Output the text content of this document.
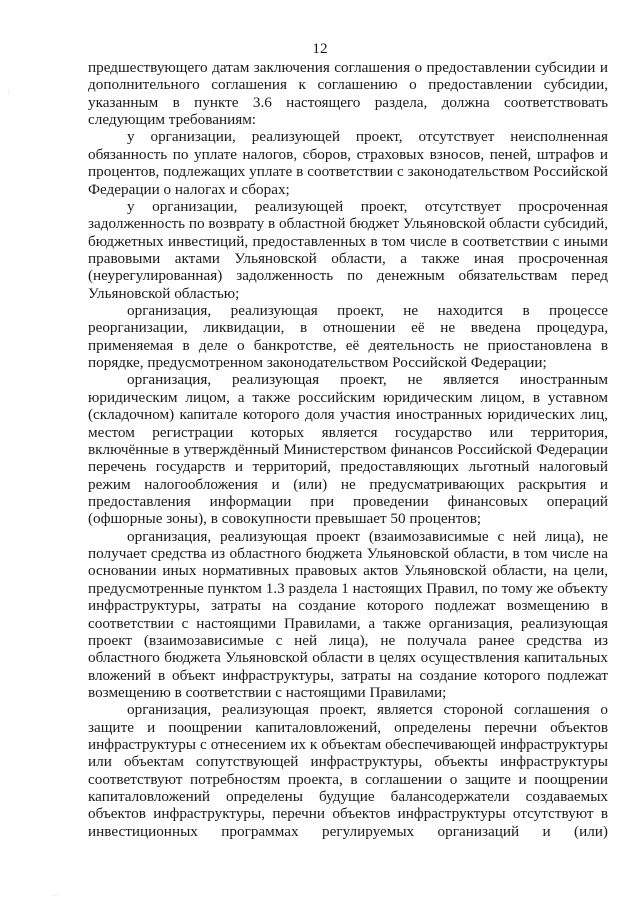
12

предшествующего датам заключения соглашения о предоставлении субсидии и дополнительного соглашения к соглашению о предоставлении субсидии, указанным в пункте 3.6 настоящего раздела, должна соответствовать следующим требованиям:

у организации, реализующей проект, отсутствует неисполненная обязанность по уплате налогов, сборов, страховых взносов, пеней, штрафов и процентов, подлежащих уплате в соответствии с законодательством Российской Федерации о налогах и сборах;

у организации, реализующей проект, отсутствует просроченная задолженность по возврату в областной бюджет Ульяновской области субсидий, бюджетных инвестиций, предоставленных в том числе в соответствии с иными правовыми актами Ульяновской области, а также иная просроченная (неурегулированная) задолженность по денежным обязательствам перед Ульяновской областью;

организация, реализующая проект, не находится в процессе реорганизации, ликвидации, в отношении её не введена процедура, применяемая в деле о банкротстве, её деятельность не приостановлена в порядке, предусмотренном законодательством Российской Федерации;

организация, реализующая проект, не является иностранным юридическим лицом, а также российским юридическим лицом, в уставном (складочном) капитале которого доля участия иностранных юридических лиц, местом регистрации которых является государство или территория, включённые в утверждённый Министерством финансов Российской Федерации перечень государств и территорий, предоставляющих льготный налоговый режим налогообложения и (или) не предусматривающих раскрытия и предоставления информации при проведении финансовых операций (офшорные зоны), в совокупности превышает 50 процентов;

организация, реализующая проект (взаимозависимые с ней лица), не получает средства из областного бюджета Ульяновской области, в том числе на основании иных нормативных правовых актов Ульяновской области, на цели, предусмотренные пунктом 1.3 раздела 1 настоящих Правил, по тому же объекту инфраструктуры, затраты на создание которого подлежат возмещению в соответствии с настоящими Правилами, а также организация, реализующая проект (взаимозависимые с ней лица), не получала ранее средства из областного бюджета Ульяновской области в целях осуществления капитальных вложений в объект инфраструктуры, затраты на создание которого подлежат возмещению в соответствии с настоящими Правилами;

организация, реализующая проект, является стороной соглашения о защите и поощрении капиталовложений, определены перечни объектов инфраструктуры с отнесением их к объектам обеспечивающей инфраструктуры или объектам сопутствующей инфраструктуры, объекты инфраструктуры соответствуют потребностям проекта, в соглашении о защите и поощрении капиталовложений определены будущие балансодержатели создаваемых объектов инфраструктуры, перечни объектов инфраструктуры отсутствуют в инвестиционных программах регулируемых организаций и (или)

⋮
⋯
